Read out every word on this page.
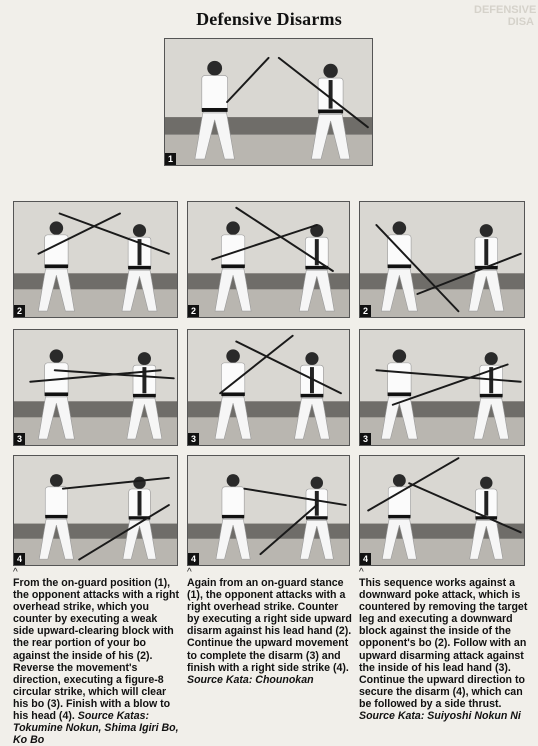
DEFENSIVE DISA
Defensive Disarms
1
2	2	2
3	3	3
4	4	4
^	^	^
From the on-guard position (1), the opponent attacks with a right overhead strike, which you counter by executing a weak side upward-clearing block with the rear portion of your bo against the inside of his (2). Reverse the movement's direction, executing a figure-8 circular strike, which will clear his bo (3). Finish with a blow to his head (4). Source Katas: Tokumine Nokun, Shima Igiri Bo, Ko Bo
Again from an on-guard stance (1), the opponent attacks with a right overhead strike. Counter by executing a right side upward disarm against his lead hand (2). Continue the upward movement to complete the disarm (3) and finish with a right side strike (4). Source Kata: Chounokan
This sequence works against a downward poke attack, which is countered by removing the target leg and executing a downward block against the inside of the opponent's bo (2). Follow with an upward disarming attack against the inside of his lead hand (3). Continue the upward direction to secure the disarm (4), which can be followed by a side thrust. Source Kata: Suiyoshi Nokun Ni
